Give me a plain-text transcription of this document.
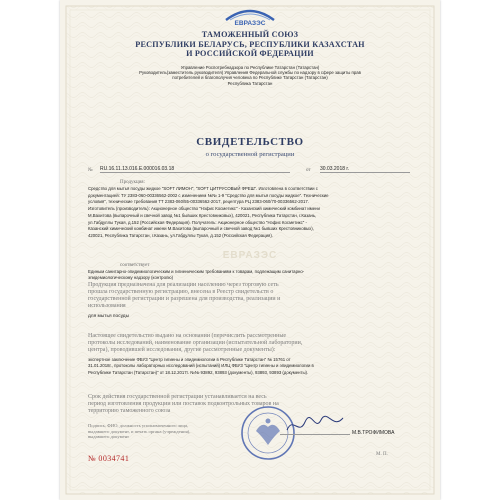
ЕВРАЗЭС
ТАМОЖЕННЫЙ СОЮЗ
РЕСПУБЛИКИ БЕЛАРУСЬ, РЕСПУБЛИКИ КАЗАХСТАН
И РОССИЙСКОЙ ФЕДЕРАЦИИ
Управление Роспотребнадзора по Республике Татарстан (Татарстан)
Руководитель(заместитель руководителя) Управления Федеральной службы по надзору в сфере защиты прав
потребителей и благополучия человека по Республике Татарстан (Татарстан)
Республика Татарстан
СВИДЕТЕЛЬСТВО
о государственной регистрации
№ RU.16.11.13.016.Е.000016.03.18	от 30.03.2018 г.
Продукция:
Средство для мытья посуды жидкое "SOFT ЛИМОН", "SOFT ЦИТРУСОВЫЙ ФРЕШ". Изготовлена в соответствии с
документацией: ТУ 2383-060-00336562-2002 с изменением №№ 1-9 "Средство для мытья посуды жидкое". Технические
условия", технические требования ТТ 2383-060/55-00336562-2017, рецептура РЦ 2383-060/70-00336562-2017.
Изготовитель (производитель): Акционерное общество "Нэфис Косметикс" - Казанский химический комбинат имени
М.Вахитова (выпарочный и свечной завод №1 бывших Крестовниковых), 420021, Республика Татарстан, г.Казань,
ул.Габдуллы Тукая, д.152 (Российская Федерация). Получатель: Акционерное общество "Нэфис Косметикс" -
Казанский химический комбинат имени М.Вахитова (выпарочный и свечной завод №1 бывших Крестовниковых),
420021, Республика Татарстан, г.Казань, ул.Габдуллы Тукая, д.152 (Российская Федерация).
ЕВРАЗЭС
соответствует
Единым санитарно-эпидемиологическим и гигиеническим требованиям к товарам, подлежащим санитарно-
эпидемиологическому надзору (контролю)
Продукция предназначена для реализации населению через торговую сеть
прошла государственную регистрацию, внесена в Реестр свидетельств о
государственной регистрации и разрешена для производства, реализации и
использования
для мытья посуды
Настоящее свидетельство выдано на основании (перечислить рассмотренные
протоколы исследований, наименование организации (испытательной лаборатории,
центра), проводившей исследования, другие рассмотренные документы):
экспертное заключение ФБУЗ "Центр гигиены и эпидемиологии в Республике Татарстан" № 15761 от
31.01.2018г., протоколы лабораторных исследований (испытаний) ИЛЦ ФБУЗ "Центр гигиены и эпидемиологии в
Республике Татарстан (Татарстан)" от 18.12.2017г. №№ 93892, 93893 (документы), 93893, 93893 (документы).
Срок действия государственной регистрации устанавливается на весь
период изготовления продукции или поставок подконтрольных товаров на
территорию таможенного союза
Подпись, ФИО, должность уполномоченного лица,
выдавшего документ, и печать органа (учреждения),
выдавшего документ
М.В.ТРОФИМОВА
М. П.
№ 0034741
